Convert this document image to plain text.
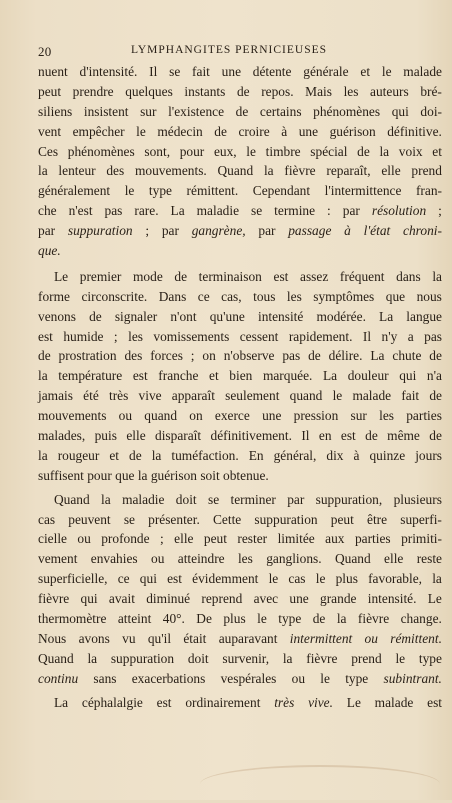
20	LYMPHANGITES PERNICIEUSES
nuent d'intensité. Il se fait une détente générale et le malade
peut prendre quelques instants de repos. Mais les auteurs bré-
siliens insistent sur l'existence de certains phénomènes qui doi-
vent empêcher le médecin de croire à une guérison définitive.
Ces phénomènes sont, pour eux, le timbre spécial de la voix et
la lenteur des mouvements. Quand la fièvre reparaît, elle prend
généralement le type rémittent. Cependant l'intermittence fran-
che n'est pas rare. La maladie se termine : par résolution ;
par suppuration ; par gangrène, par passage à l'état chroni-
que.
Le premier mode de terminaison est assez fréquent dans la
forme circonscrite. Dans ce cas, tous les symptômes que nous
venons de signaler n'ont qu'une intensité modérée. La langue
est humide ; les vomissements cessent rapidement. Il n'y a pas
de prostration des forces ; on n'observe pas de délire. La chute de
la température est franche et bien marquée. La douleur qui n'a
jamais été très vive apparaît seulement quand le malade fait de
mouvements ou quand on exerce une pression sur les parties
malades, puis elle disparaît définitivement. Il en est de même de
la rougeur et de la tuméfaction. En général, dix à quinze jours
suffisent pour que la guérison soit obtenue.
Quand la maladie doit se terminer par suppuration, plusieurs
cas peuvent se présenter. Cette suppuration peut être superfi-
cielle ou profonde ; elle peut rester limitée aux parties primiti-
vement envahies ou atteindre les ganglions. Quand elle reste
superficielle, ce qui est évidemment le cas le plus favorable, la
fièvre qui avait diminué reprend avec une grande intensité. Le
thermomètre atteint 40°. De plus le type de la fièvre change.
Nous avons vu qu'il était auparavant intermittent ou rémittent.
Quand la suppuration doit survenir, la fièvre prend le type
continu sans exacerbations vespérales ou le type subintrant.
La céphalalgie est ordinairement très vive. Le malade est
